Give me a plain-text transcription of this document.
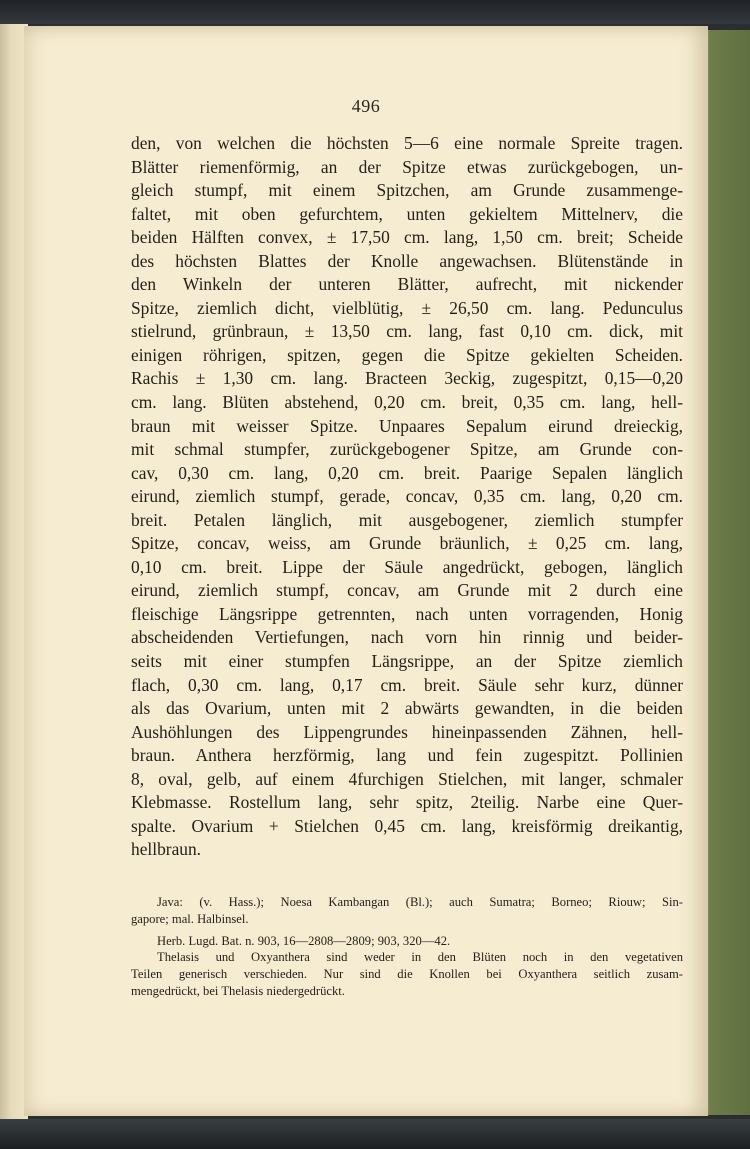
496
den, von welchen die höchsten 5—6 eine normale Spreite tragen.
Blätter riemenförmig, an der Spitze etwas zurückgebogen, un-
gleich stumpf, mit einem Spitzchen, am Grunde zusammenge-
faltet, mit oben gefurchtem, unten gekieltem Mittelnerv, die
beiden Hälften convex, ± 17,50 cm. lang, 1,50 cm. breit; Scheide
des höchsten Blattes der Knolle angewachsen. Blütenstände in
den Winkeln der unteren Blätter, aufrecht, mit nickender
Spitze, ziemlich dicht, vielblütig, ± 26,50 cm. lang. Pedunculus
stielrund, grünbraun, ± 13,50 cm. lang, fast 0,10 cm. dick, mit
einigen röhrigen, spitzen, gegen die Spitze gekielten Scheiden.
Rachis ± 1,30 cm. lang. Bracteen 3eckig, zugespitzt, 0,15—0,20
cm. lang. Blüten abstehend, 0,20 cm. breit, 0,35 cm. lang, hell-
braun mit weisser Spitze. Unpaares Sepalum eirund dreieckig,
mit schmal stumpfer, zurückgebogener Spitze, am Grunde con-
cav, 0,30 cm. lang, 0,20 cm. breit. Paarige Sepalen länglich
eirund, ziemlich stumpf, gerade, concav, 0,35 cm. lang, 0,20 cm.
breit. Petalen länglich, mit ausgebogener, ziemlich stumpfer
Spitze, concav, weiss, am Grunde bräunlich, ± 0,25 cm. lang,
0,10 cm. breit. Lippe der Säule angedrückt, gebogen, länglich
eirund, ziemlich stumpf, concav, am Grunde mit 2 durch eine
fleischige Längsrippe getrennten, nach unten vorragenden, Honig
abscheidenden Vertiefungen, nach vorn hin rinnig und beider-
seits mit einer stumpfen Längsrippe, an der Spitze ziemlich
flach, 0,30 cm. lang, 0,17 cm. breit. Säule sehr kurz, dünner
als das Ovarium, unten mit 2 abwärts gewandten, in die beiden
Aushöhlungen des Lippengrundes hineinpassenden Zähnen, hell-
braun. Anthera herzförmig, lang und fein zugespitzt. Pollinien
8, oval, gelb, auf einem 4furchigen Stielchen, mit langer, schmaler
Klebmasse. Rostellum lang, sehr spitz, 2teilig. Narbe eine Quer-
spalte. Ovarium + Stielchen 0,45 cm. lang, kreisförmig dreikantig,
hellbraun.
Java: (v. Hass.); Noesa Kambangan (Bl.); auch Sumatra; Borneo; Riouw; Sin-
gapore; mal. Halbinsel.
Herb. Lugd. Bat. n. 903, 16—2808—2809; 903, 320—42.
Thelasis und Oxyanthera sind weder in den Blüten noch in den vegetativen
Teilen generisch verschieden. Nur sind die Knollen bei Oxyanthera seitlich zusam-
mengedrückt, bei Thelasis niedergedrückt.
